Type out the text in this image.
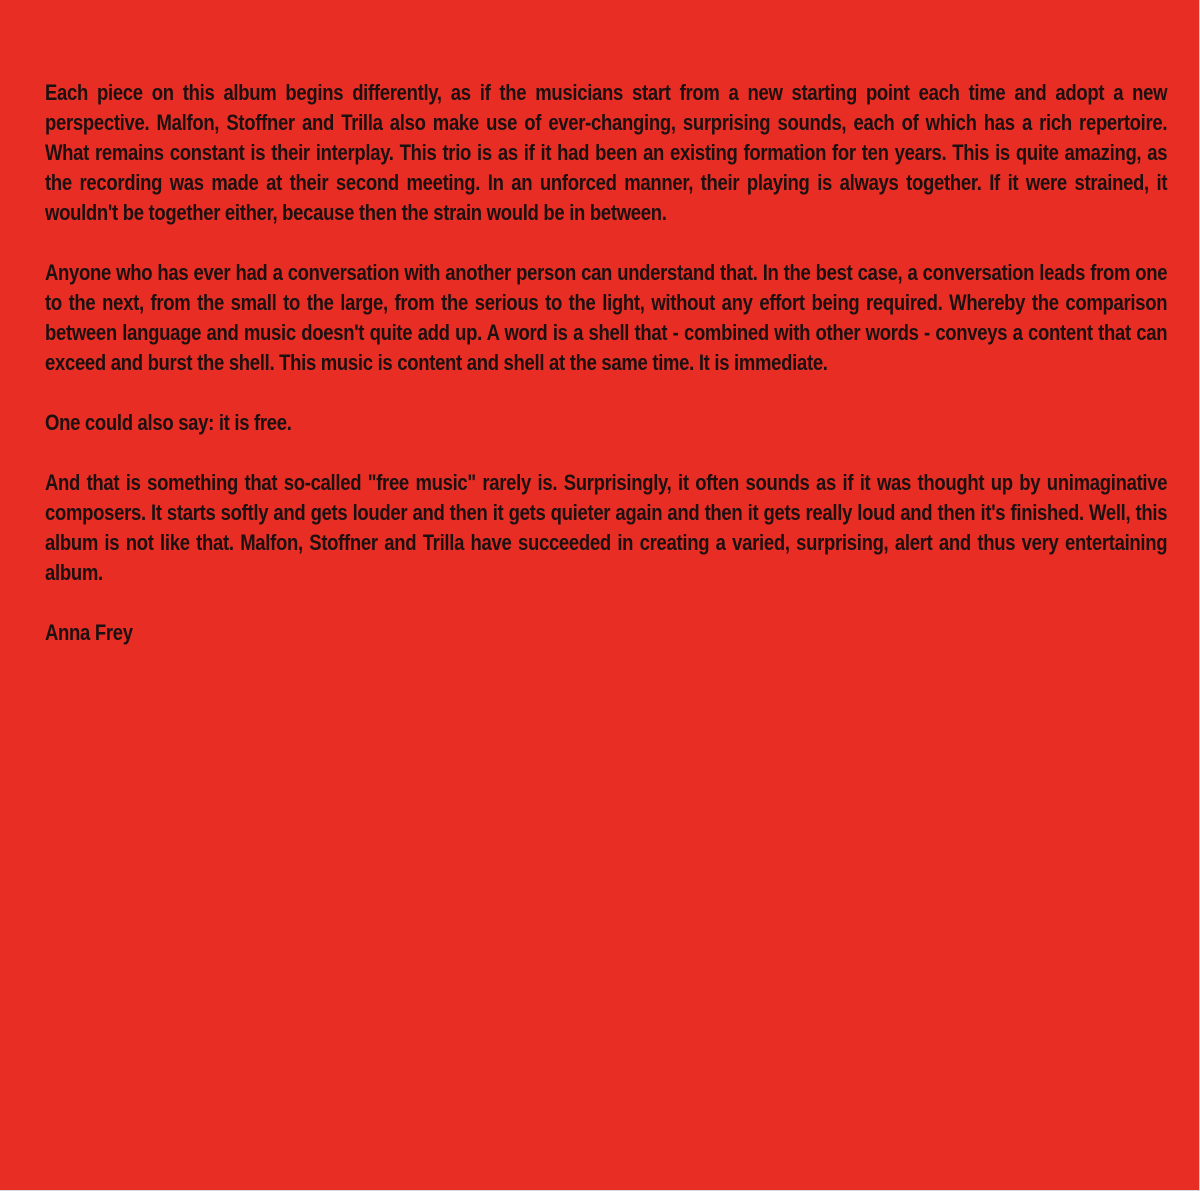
Each piece on this album begins differently, as if the musicians start from a new starting point each time and adopt a new perspective. Malfon, Stoffner and Trilla also make use of ever-changing, surprising sounds, each of which has a rich repertoire. What remains constant is their interplay. This trio is as if it had been an existing formation for ten years. This is quite amazing, as the recording was made at their second meeting. In an unforced manner, their playing is always together. If it were strained, it wouldn't be together either, because then the strain would be in between.

Anyone who has ever had a conversation with another person can understand that. In the best case, a conversation leads from one to the next, from the small to the large, from the serious to the light, without any effort being required. Whereby the comparison between language and music doesn't quite add up. A word is a shell that - combined with other words - conveys a content that can exceed and burst the shell. This music is content and shell at the same time. It is immediate.

One could also say: it is free.

And that is something that so-called "free music" rarely is. Surprisingly, it often sounds as if it was thought up by unimaginative composers. It starts softly and gets louder and then it gets quieter again and then it gets really loud and then it's finished. Well, this album is not like that. Malfon, Stoffner and Trilla have succeeded in creating a varied, surprising, alert and thus very entertaining album.

Anna Frey
